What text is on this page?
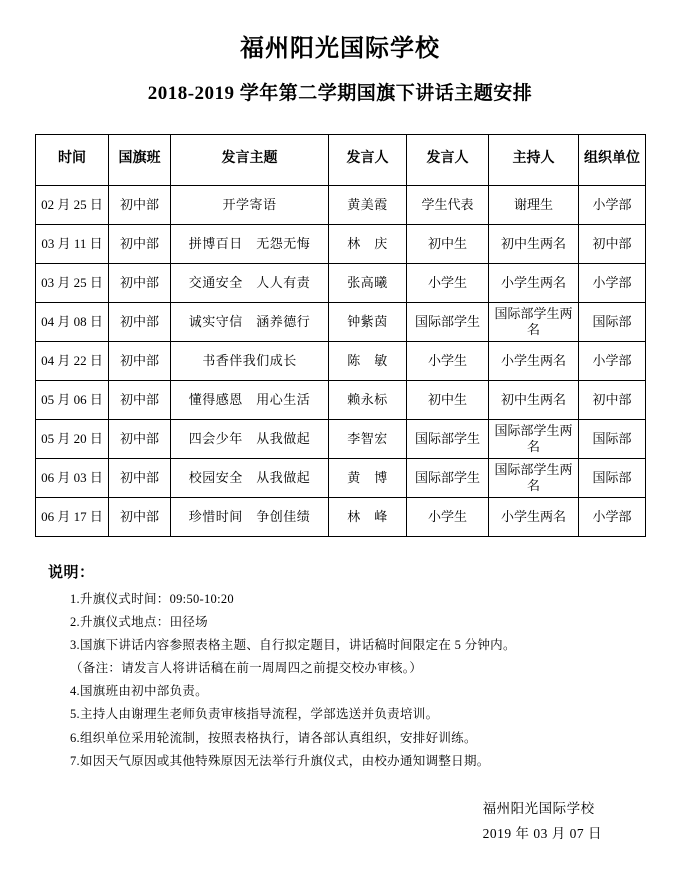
福州阳光国际学校
2018-2019 学年第二学期国旗下讲话主题安排
时间	国旗班	发言主题	发言人	发言人	主持人	组织单位
02 月 25 日	初中部	开学寄语	黄美霞	学生代表	谢理生	小学部
03 月 11 日	初中部	拼博百日　无怨无悔	林　庆	初中生	初中生两名	初中部
03 月 25 日	初中部	交通安全　人人有责	张高曦	小学生	小学生两名	小学部
04 月 08 日	初中部	诚实守信　涵养德行	钟紫茵	国际部学生	国际部学生两名	国际部
04 月 22 日	初中部	书香伴我们成长	陈　敏	小学生	小学生两名	小学部
05 月 06 日	初中部	懂得感恩　用心生活	赖永标	初中生	初中生两名	初中部
05 月 20 日	初中部	四会少年　从我做起	李智宏	国际部学生	国际部学生两名	国际部
06 月 03 日	初中部	校园安全　从我做起	黄　博	国际部学生	国际部学生两名	国际部
06 月 17 日	初中部	珍惜时间　争创佳绩	林　峰	小学生	小学生两名	小学部
说明：
1.升旗仪式时间：09:50-10:20
2.升旗仪式地点：田径场
3.国旗下讲话内容参照表格主题、自行拟定题目，讲话稿时间限定在 5 分钟内。
（备注：请发言人将讲话稿在前一周周四之前提交校办审核。）
4.国旗班由初中部负责。
5.主持人由谢理生老师负责审核指导流程，学部选送并负责培训。
6.组织单位采用轮流制，按照表格执行，请各部认真组织，安排好训练。
7.如因天气原因或其他特殊原因无法举行升旗仪式，由校办通知调整日期。
福州阳光国际学校
2019 年 03 月 07 日
